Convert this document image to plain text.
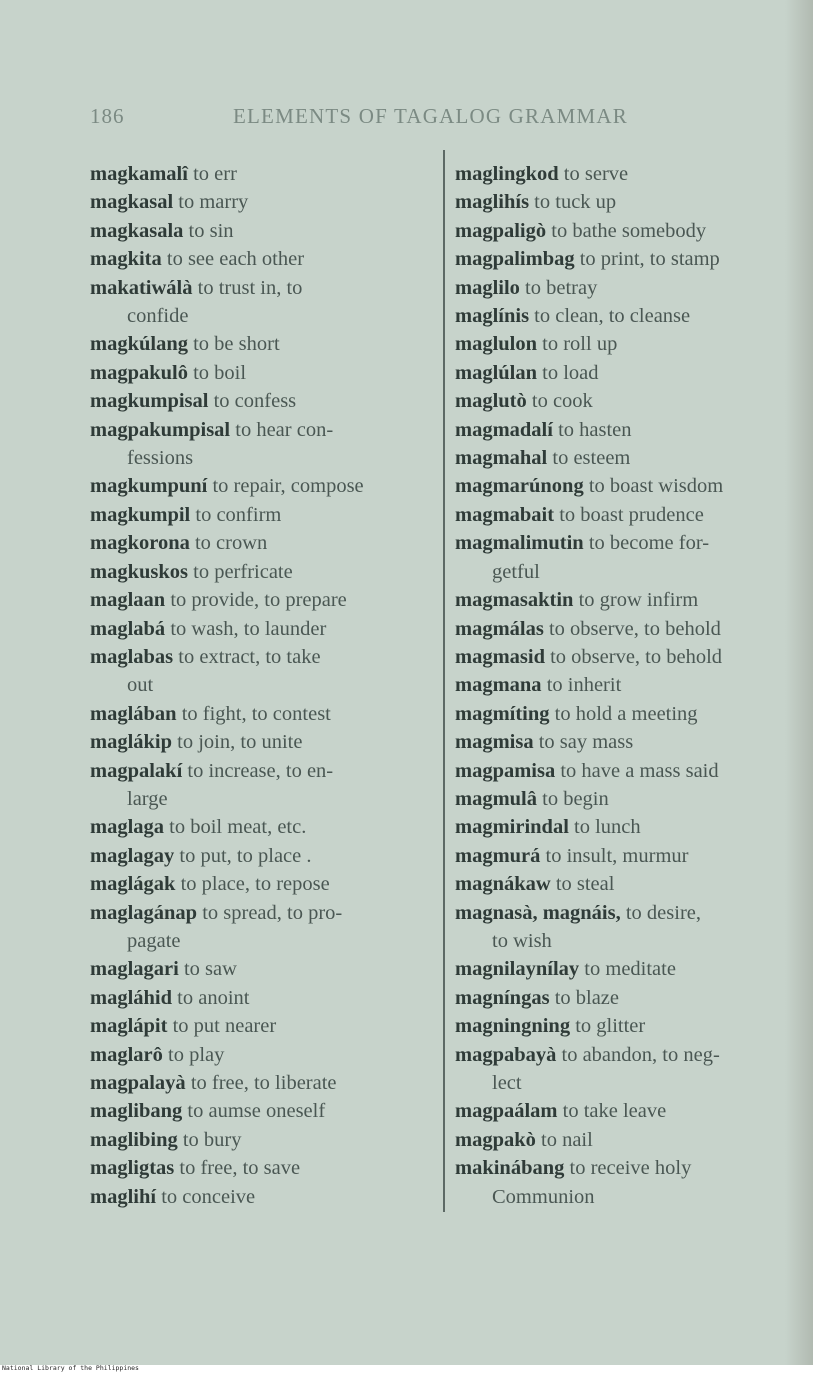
186	ELEMENTS OF TAGALOG GRAMMAR
magkamalî to err
magkasal to marry
magkasala to sin
magkita to see each other
makatiwálà to trust in, to
confide
magkúlang to be short
magpakulô to boil
magkumpisal to confess
magpakumpisal to hear con-
fessions
magkumpuní to repair, compose
magkumpil to confirm
magkorona to crown
magkuskos to perfricate
maglaan to provide, to prepare
maglabá to wash, to launder
maglabas to extract, to take
out
maglában to fight, to contest
maglákip to join, to unite
magpalakí to increase, to en-
large
maglaga to boil meat, etc.
maglagay to put, to place .
maglágak to place, to repose
maglagánap to spread, to pro-
pagate
maglagari to saw
magláhid to anoint
maglápit to put nearer
maglarô to play
magpalayà to free, to liberate
maglibang to aumse oneself
maglibing to bury
magligtas to free, to save
maglihí to conceive
maglingkod to serve
maglihís to tuck up
magpaligò to bathe somebody
magpalimbag to print, to stamp
maglilo to betray
maglínis to clean, to cleanse
maglulon to roll up
maglúlan to load
maglutò to cook
magmadalí to hasten
magmahal to esteem
magmarúnong to boast wisdom
magmabait to boast prudence
magmalimutin to become for-
getful
magmasaktin to grow infirm
magmálas to observe, to behold
magmasid to observe, to behold
magmana to inherit
magmíting to hold a meeting
magmisa to say mass
magpamisa to have a mass said
magmulâ to begin
magmirindal to lunch
magmurá to insult, murmur
magnákaw to steal
magnasà, magnáis, to desire,
to wish
magnilaynílay to meditate
magníngas to blaze
magningning to glitter
magpabayà to abandon, to neg-
lect
magpaálam to take leave
magpakò to nail
makinábang to receive holy
Communion
National Library of the Philippines
